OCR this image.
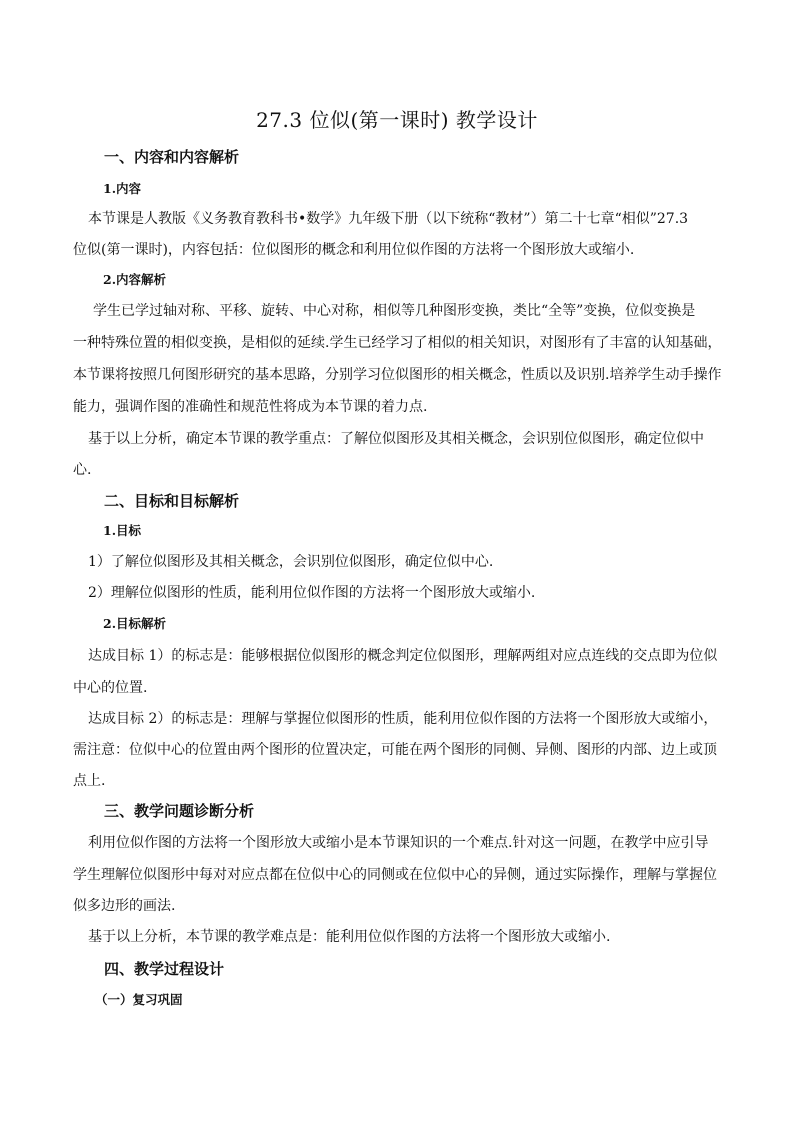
27.3 位似(第一课时) 教学设计
一、内容和内容解析
1.内容
本节课是人教版《义务教育教科书•数学》九年级下册（以下统称“教材”）第二十七章“相似”27.3
位似(第一课时)，内容包括：位似图形的概念和利用位似作图的方法将一个图形放大或缩小.
2.内容解析
学生已学过轴对称、平移、旋转、中心对称，相似等几种图形变换，类比“全等”变换，位似变换是
一种特殊位置的相似变换，是相似的延续.学生已经学习了相似的相关知识，对图形有了丰富的认知基础，
本节课将按照几何图形研究的基本思路，分别学习位似图形的相关概念，性质以及识别.培养学生动手操作
能力，强调作图的准确性和规范性将成为本节课的着力点.
基于以上分析，确定本节课的教学重点：了解位似图形及其相关概念，会识别位似图形，确定位似中
心.
二、目标和目标解析
1.目标
1）了解位似图形及其相关概念，会识别位似图形，确定位似中心.
2）理解位似图形的性质，能利用位似作图的方法将一个图形放大或缩小.
2.目标解析
达成目标 1）的标志是：能够根据位似图形的概念判定位似图形，理解两组对应点连线的交点即为位似
中心的位置.
达成目标 2）的标志是：理解与掌握位似图形的性质，能利用位似作图的方法将一个图形放大或缩小，
需注意：位似中心的位置由两个图形的位置决定，可能在两个图形的同侧、异侧、图形的内部、边上或顶
点上.
三、教学问题诊断分析
利用位似作图的方法将一个图形放大或缩小是本节课知识的一个难点.针对这一问题，在教学中应引导
学生理解位似图形中每对对应点都在位似中心的同侧或在位似中心的异侧，通过实际操作，理解与掌握位
似多边形的画法.
基于以上分析，本节课的教学难点是：能利用位似作图的方法将一个图形放大或缩小.
四、教学过程设计
（一）复习巩固
